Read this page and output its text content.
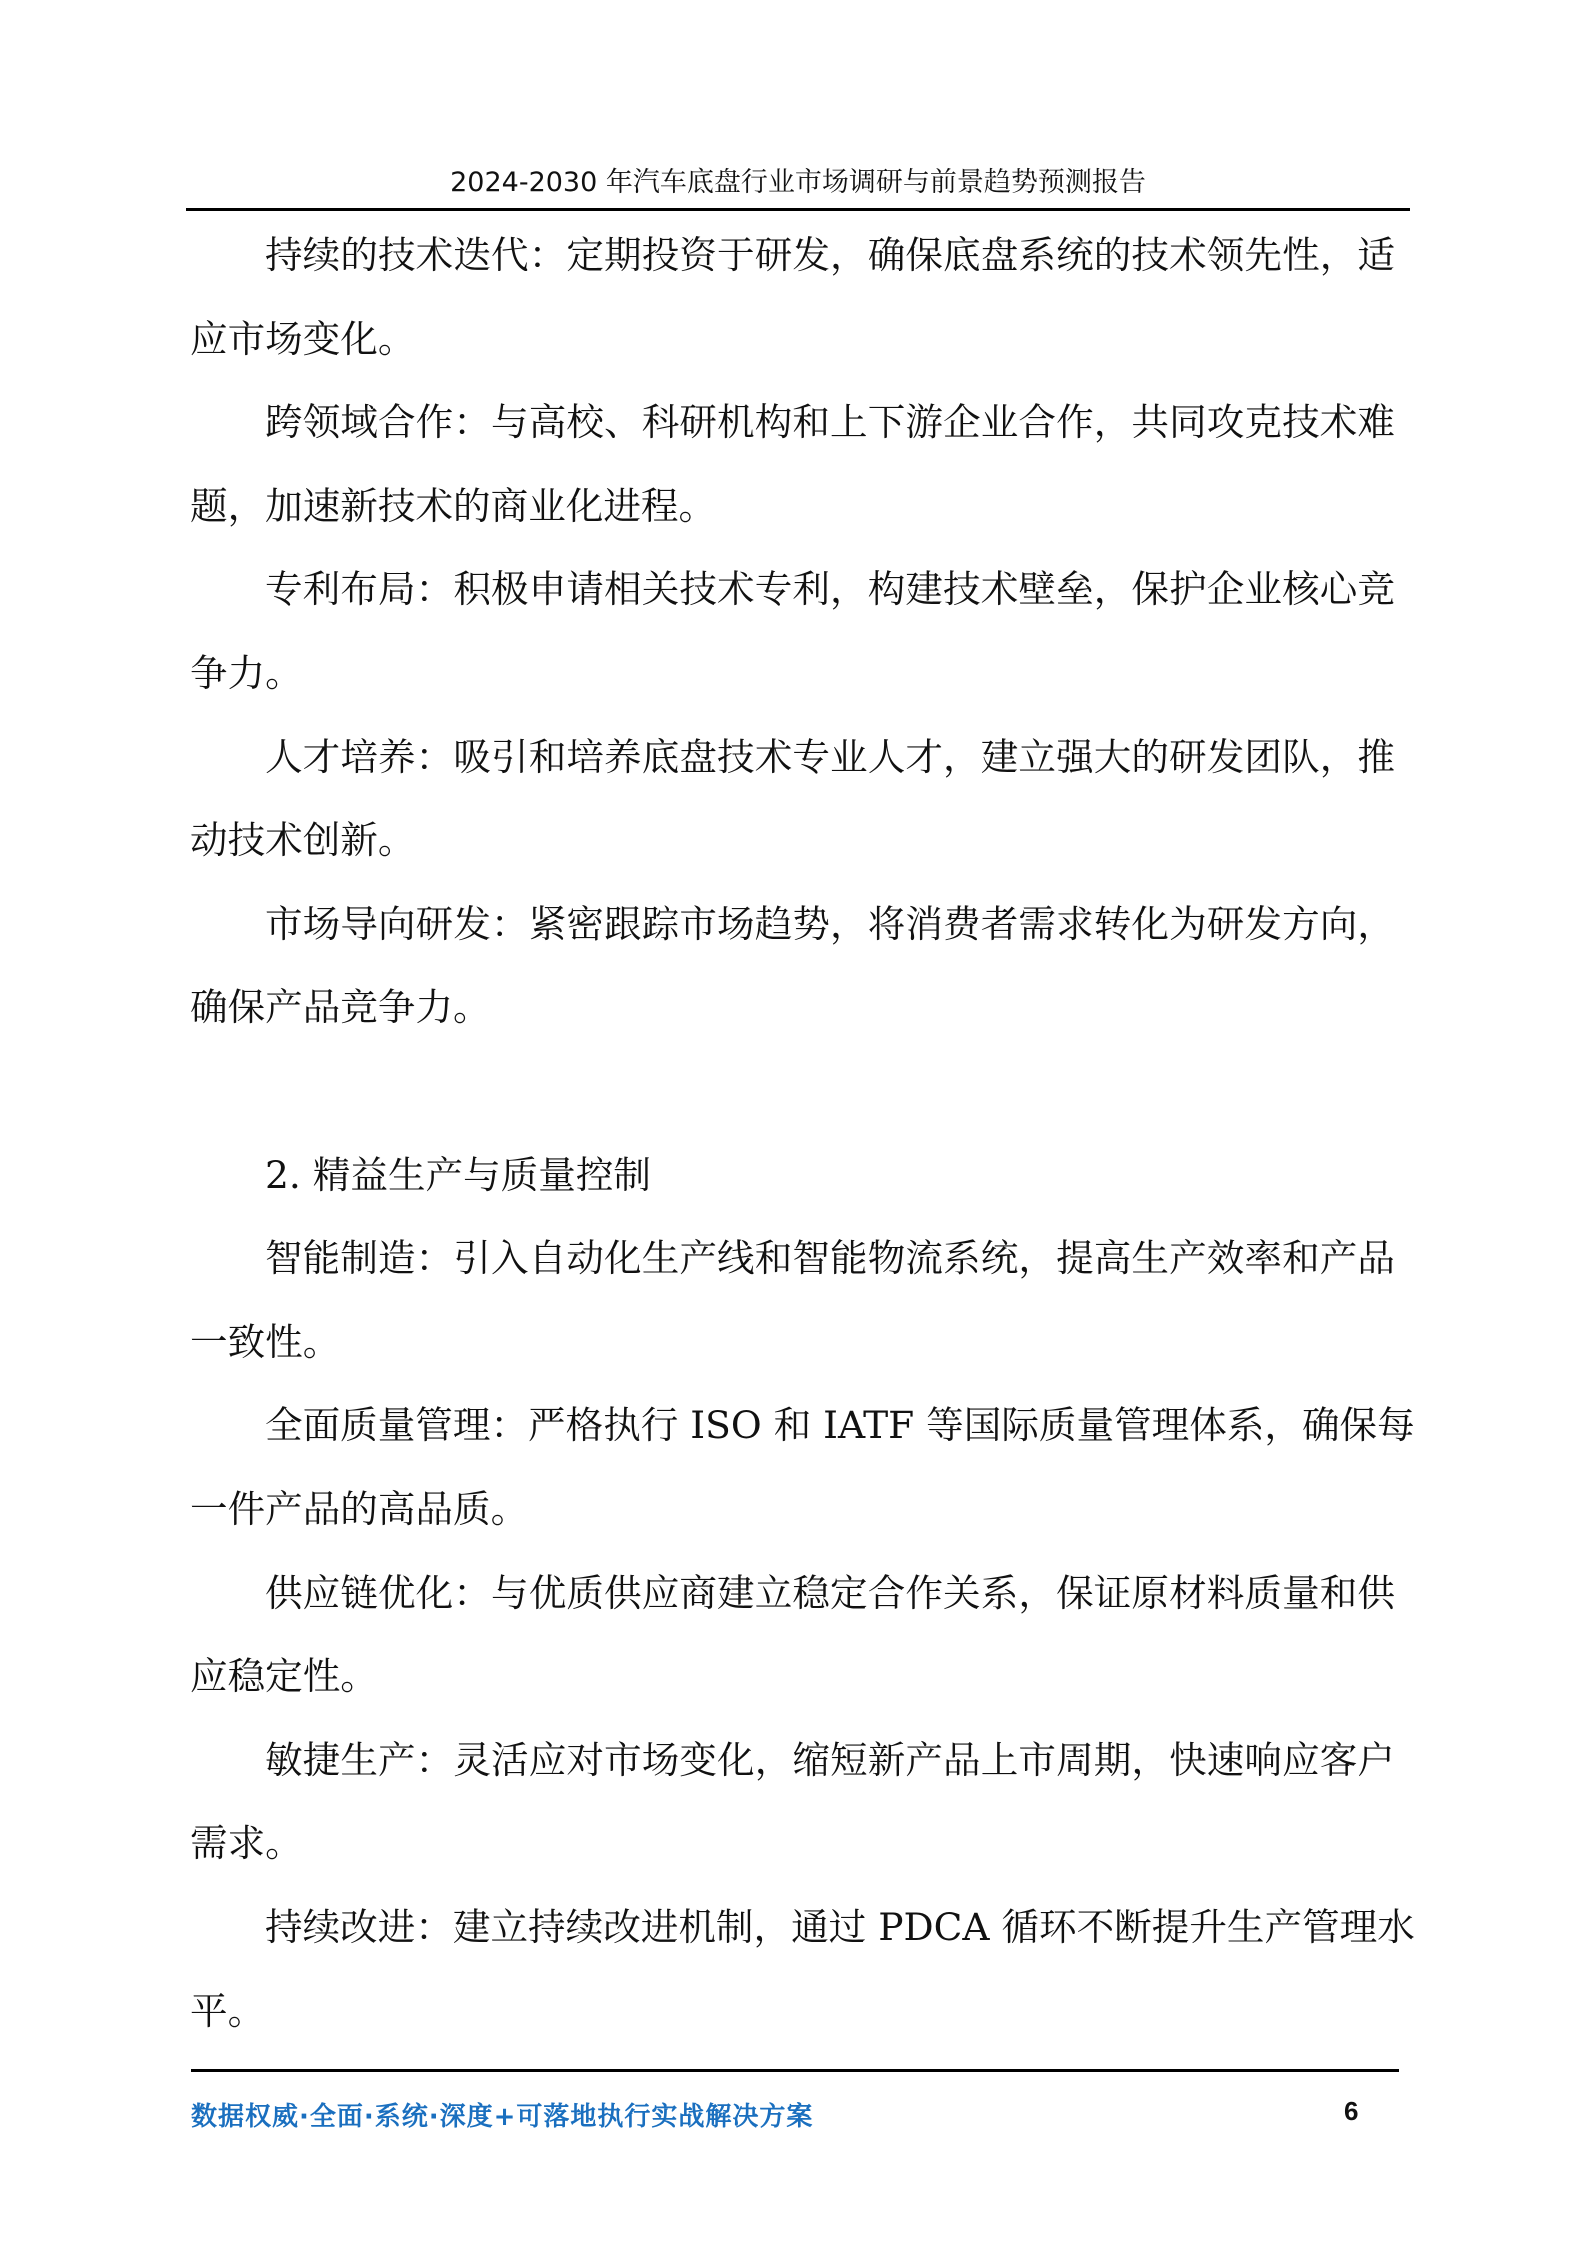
2024-2030 年汽车底盘行业市场调研与前景趋势预测报告
持续的技术迭代：定期投资于研发，确保底盘系统的技术领先性，适
应市场变化。
跨领域合作：与高校、科研机构和上下游企业合作，共同攻克技术难
题，加速新技术的商业化进程。
专利布局：积极申请相关技术专利，构建技术壁垒，保护企业核心竞
争力。
人才培养：吸引和培养底盘技术专业人才，建立强大的研发团队，推
动技术创新。
市场导向研发：紧密跟踪市场趋势，将消费者需求转化为研发方向，
确保产品竞争力。
2. 精益生产与质量控制
智能制造：引入自动化生产线和智能物流系统，提高生产效率和产品
一致性。
全面质量管理：严格执行 ISO 和 IATF 等国际质量管理体系，确保每
一件产品的高品质。
供应链优化：与优质供应商建立稳定合作关系，保证原材料质量和供
应稳定性。
敏捷生产：灵活应对市场变化，缩短新产品上市周期，快速响应客户
需求。
持续改进：建立持续改进机制，通过 PDCA 循环不断提升生产管理水
平。
数据权威·全面·系统·深度+可落地执行实战解决方案	6
